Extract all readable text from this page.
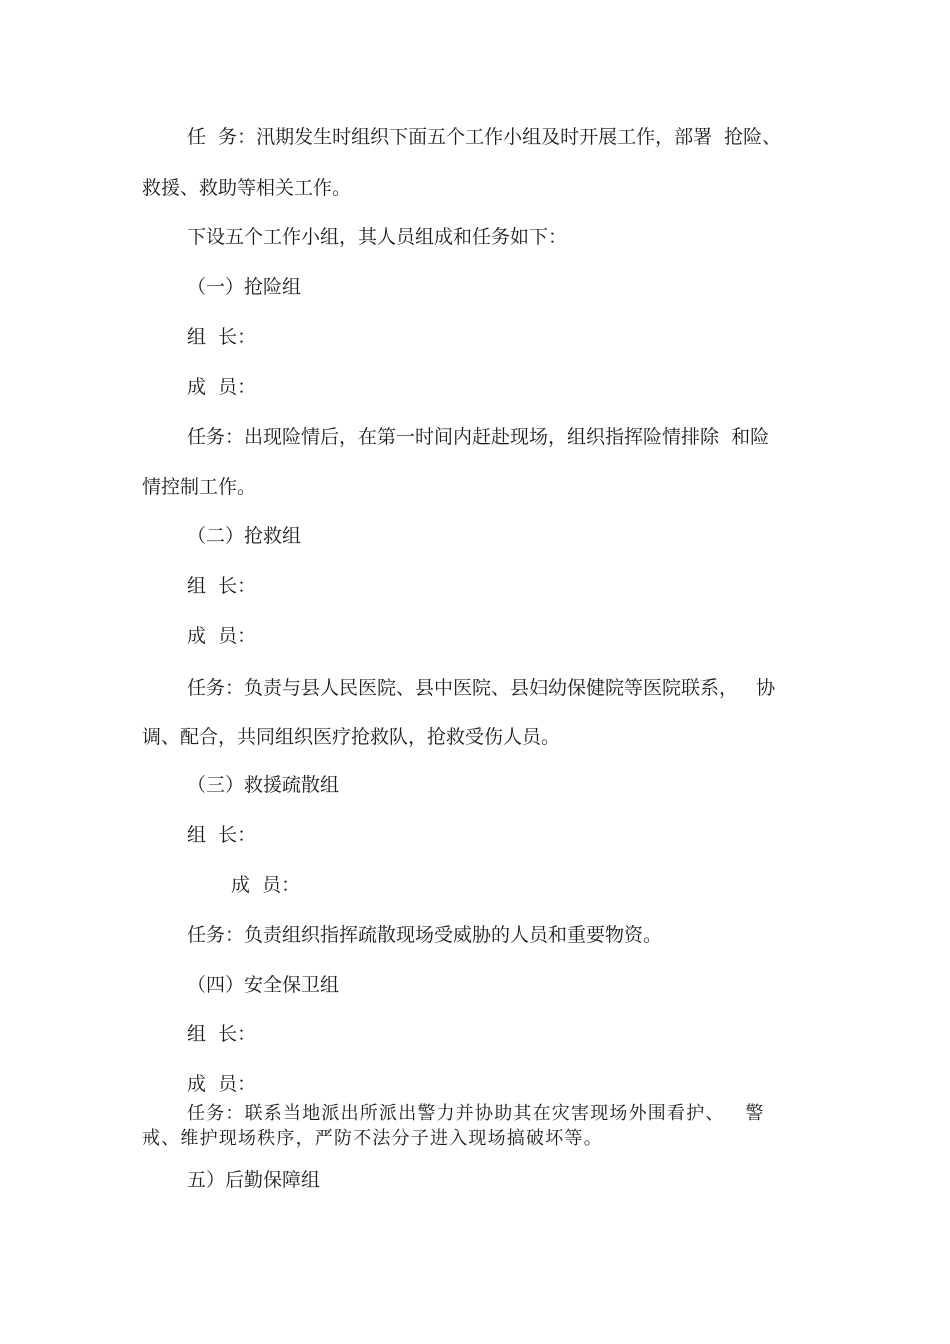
任  务：汛期发生时组织下面五个工作小组及时开展工作，部署  抢险、
救援、救助等相关工作。
下设五个工作小组，其人员组成和任务如下：
（一）抢险组
组  长：
成  员：
任务：出现险情后，在第一时间内赶赴现场，组织指挥险情排除  和险
情控制工作。
（二）抢救组
组  长：
成  员：
任务：负责与县人民医院、县中医院、县妇幼保健院等医院联系，   协
调、配合，共同组织医疗抢救队，抢救受伤人员。
（三）救援疏散组
组  长：
成  员：
任务：负责组织指挥疏散现场受威胁的人员和重要物资。
（四）安全保卫组
组  长：
成  员：
任务：联系当地派出所派出警力并协助其在灾害现场外围看护、   警
戒、维护现场秩序，严防不法分子进入现场搞破坏等。
五）后勤保障组
